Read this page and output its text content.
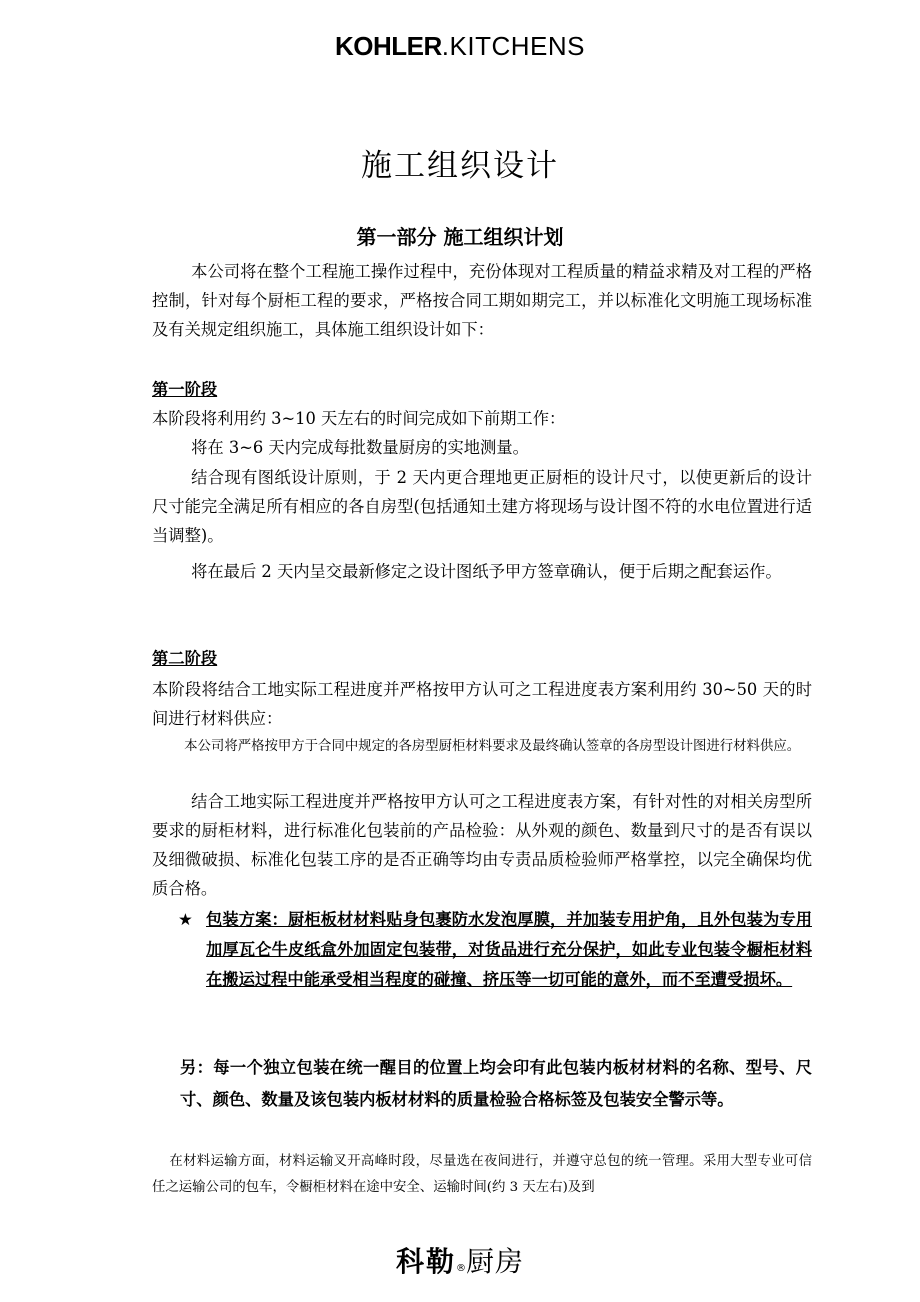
KOHLER.KITCHENS
施工组织设计
第一部分 施工组织计划
本公司将在整个工程施工操作过程中，充份体现对工程质量的精益求精及对工程的严格控制，针对每个厨柜工程的要求，严格按合同工期如期完工，并以标准化文明施工现场标准及有关规定组织施工，具体施工组织设计如下：
第一阶段
本阶段将利用约 3~10 天左右的时间完成如下前期工作：
将在 3~6 天内完成每批数量厨房的实地测量。
结合现有图纸设计原则，于 2 天内更合理地更正厨柜的设计尺寸，以使更新后的设计尺寸能完全满足所有相应的各自房型(包括通知土建方将现场与设计图不符的水电位置进行适当调整)。
将在最后 2 天内呈交最新修定之设计图纸予甲方签章确认，便于后期之配套运作。
第二阶段
本阶段将结合工地实际工程进度并严格按甲方认可之工程进度表方案利用约 30~50 天的时间进行材料供应：
本公司将严格按甲方于合同中规定的各房型厨柜材料要求及最终确认签章的各房型设计图进行材料供应。
结合工地实际工程进度并严格按甲方认可之工程进度表方案，有针对性的对相关房型所要求的厨柜材料，进行标准化包装前的产品检验：从外观的颜色、数量到尺寸的是否有误以及细微破损、标准化包装工序的是否正确等均由专责品质检验师严格掌控，以完全确保均优质合格。
★ 包装方案：厨柜板材材料贴身包裹防水发泡厚膜，并加装专用护角，且外包装为专用加厚瓦仑牛皮纸盒外加固定包装带，对货品进行充分保护，如此专业包装令橱柜材料在搬运过程中能承受相当程度的碰撞、挤压等一切可能的意外，而不至遭受损坏。
另：每一个独立包装在统一醒目的位置上均会印有此包装内板材材料的名称、型号、尺寸、颜色、数量及该包装内板材材料的质量检验合格标签及包装安全警示等。
在材料运输方面，材料运输叉开高峰时段，尽量选在夜间进行，并遵守总包的统一管理。采用大型专业可信任之运输公司的包车，令橱柜材料在途中安全、运输时间(约 3 天左右)及到
科勒®厨房
